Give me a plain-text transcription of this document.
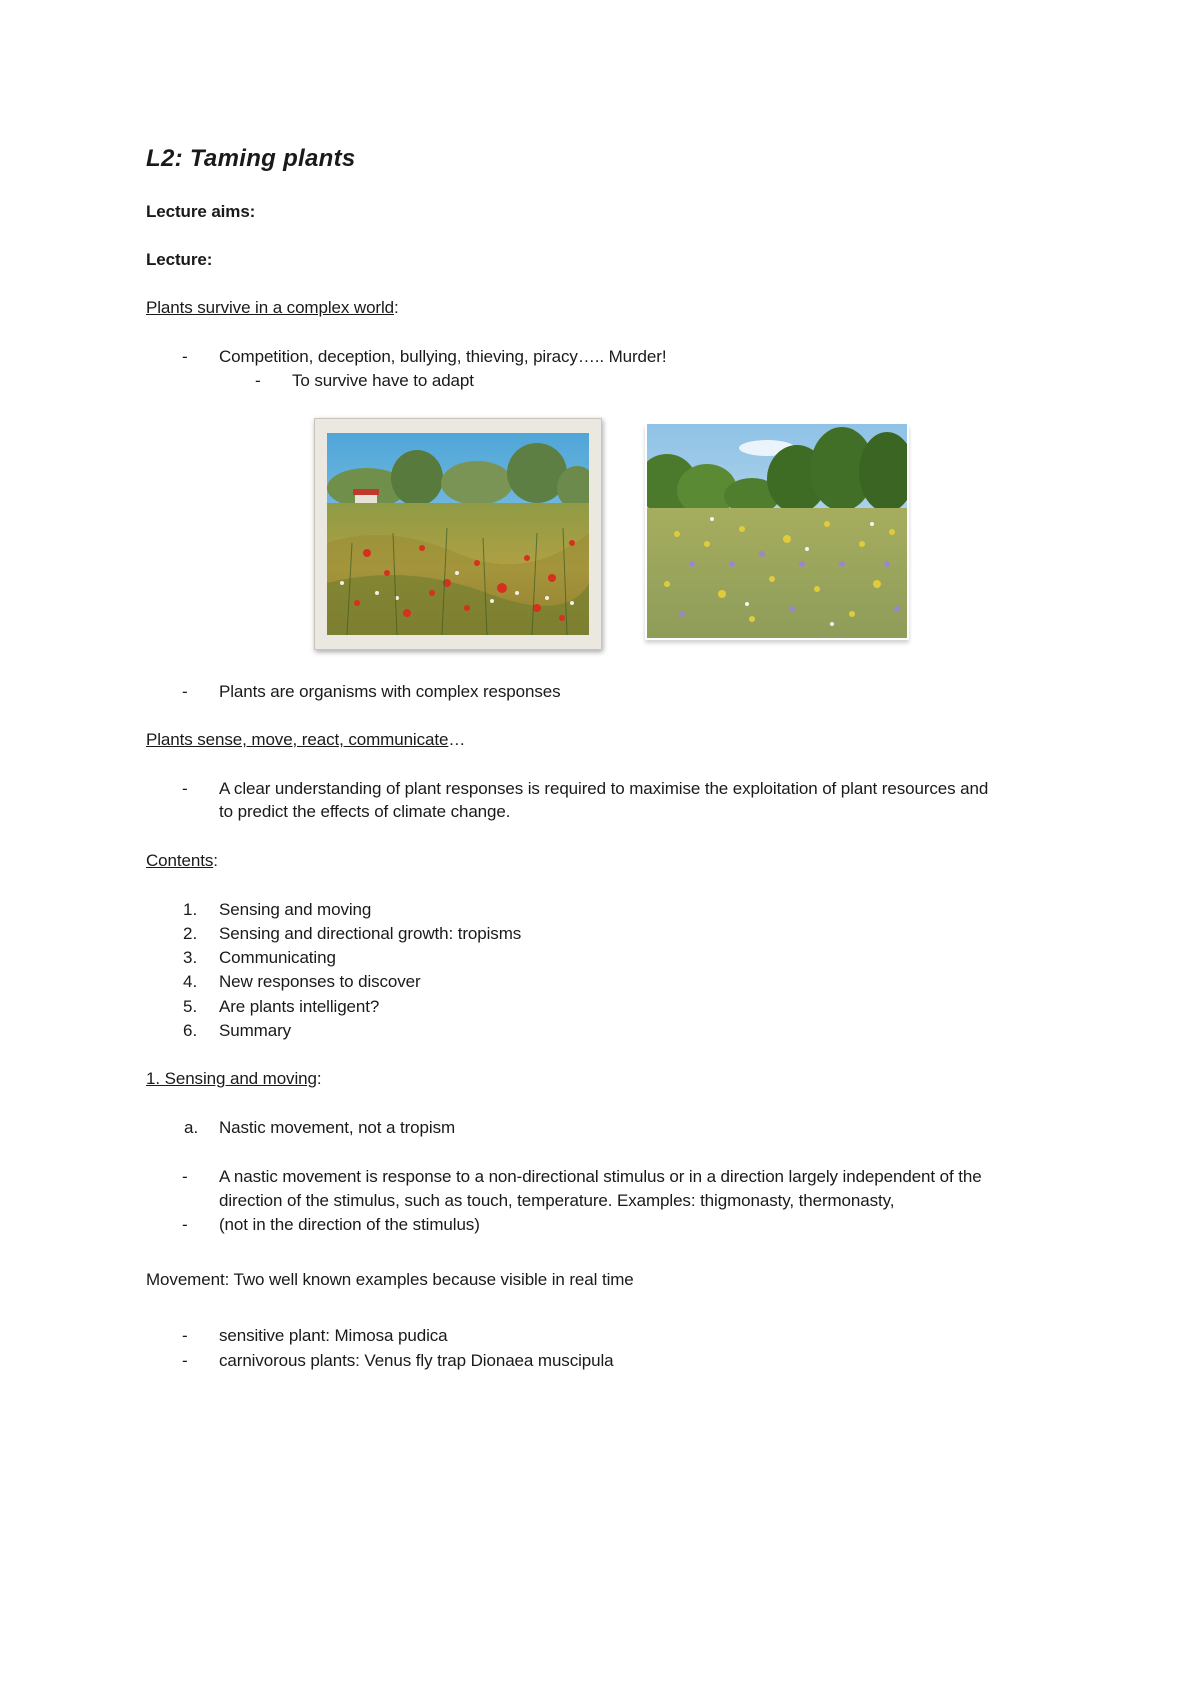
L2: Taming plants
Lecture aims:
Lecture:
Plants survive in a complex world:
- Competition, deception, bullying, thieving, piracy….. Murder!
- To survive have to adapt
- Plants are organisms with complex responses
Plants sense, move, react, communicate…
- A clear understanding of plant responses is required to maximise the exploitation of plant resources and
to predict the effects of climate change.
Contents:
1. Sensing and moving
2. Sensing and directional growth: tropisms
3. Communicating
4. New responses to discover
5. Are plants intelligent?
6. Summary
1. Sensing and moving:
a. Nastic movement, not a tropism
- A nastic movement is response to a non-directional stimulus or in a direction largely independent of the
direction of the stimulus, such as touch, temperature. Examples: thigmonasty, thermonasty,
- (not in the direction of the stimulus)
Movement: Two well known examples because visible in real time
- sensitive plant: Mimosa pudica
- carnivorous plants: Venus fly trap Dionaea muscipula
